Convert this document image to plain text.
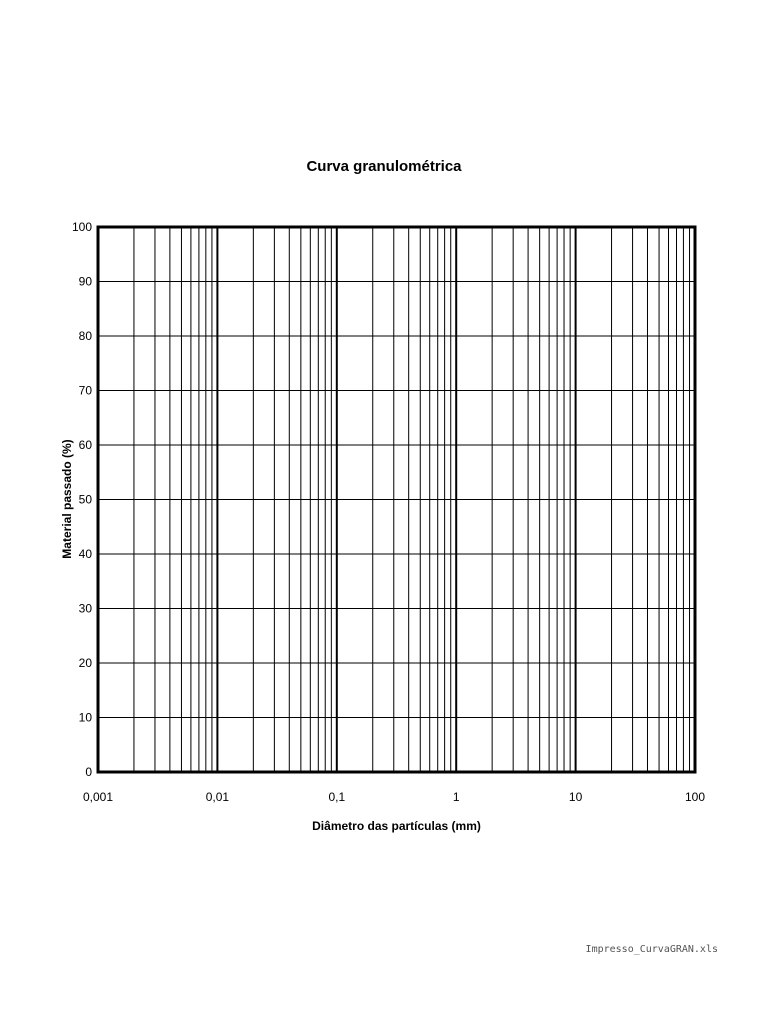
Curva granulométrica
0
10
20
30
40
50
60
70
80
90
100
0,001	0,01	0,1	1	10	100
Material passado (%)
Diâmetro das partículas (mm)
Impresso_CurvaGRAN.xls
